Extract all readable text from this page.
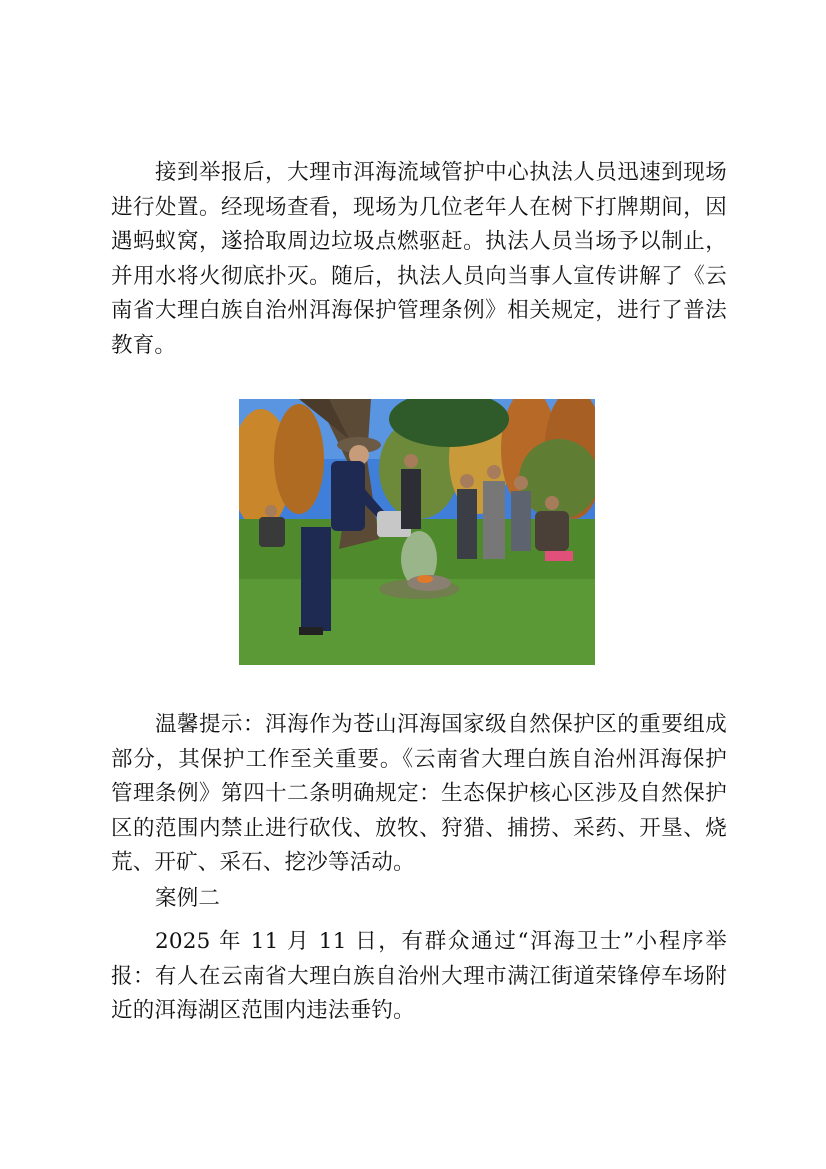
接到举报后，大理市洱海流域管护中心执法人员迅速到现场进行处置。经现场查看，现场为几位老年人在树下打牌期间，因遇蚂蚁窝，遂拾取周边垃圾点燃驱赶。执法人员当场予以制止，并用水将火彻底扑灭。随后，执法人员向当事人宣传讲解了《云南省大理白族自治州洱海保护管理条例》相关规定，进行了普法教育。

温馨提示：洱海作为苍山洱海国家级自然保护区的重要组成部分，其保护工作至关重要。《云南省大理白族自治州洱海保护管理条例》第四十二条明确规定：生态保护核心区涉及自然保护区的范围内禁止进行砍伐、放牧、狩猎、捕捞、采药、开垦、烧荒、开矿、采石、挖沙等活动。

案例二

2025 年 11 月 11 日，有群众通过“洱海卫士”小程序举报：有人在云南省大理白族自治州大理市满江街道荣锋停车场附近的洱海湖区范围内违法垂钓。
